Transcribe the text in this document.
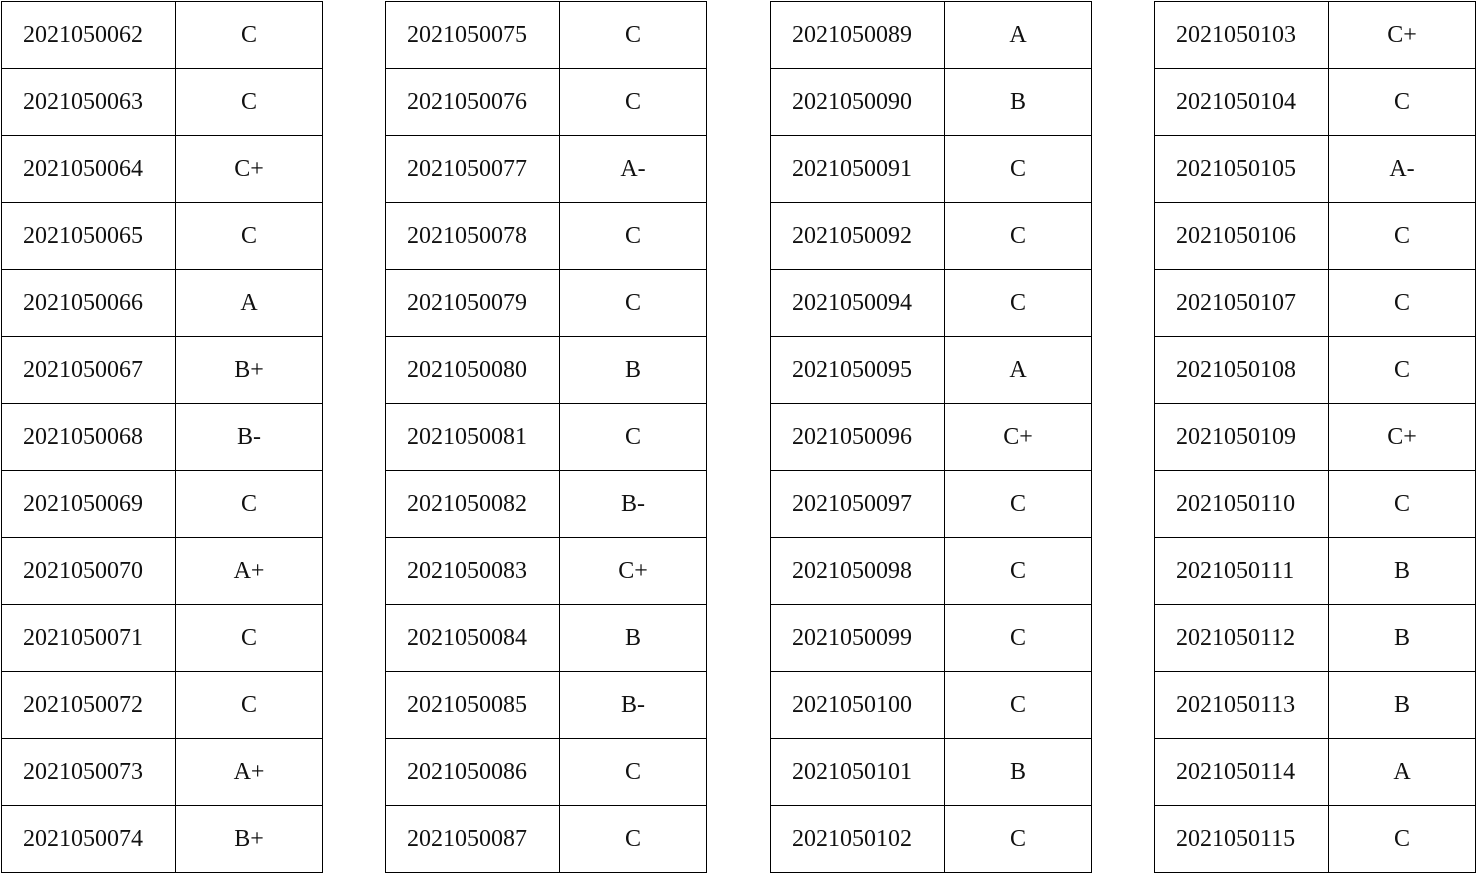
2021050062	C
2021050063	C
2021050064	C+
2021050065	C
2021050066	A
2021050067	B+
2021050068	B-
2021050069	C
2021050070	A+
2021050071	C
2021050072	C
2021050073	A+
2021050074	B+
2021050075	C
2021050076	C
2021050077	A-
2021050078	C
2021050079	C
2021050080	B
2021050081	C
2021050082	B-
2021050083	C+
2021050084	B
2021050085	B-
2021050086	C
2021050087	C
2021050089	A
2021050090	B
2021050091	C
2021050092	C
2021050094	C
2021050095	A
2021050096	C+
2021050097	C
2021050098	C
2021050099	C
2021050100	C
2021050101	B
2021050102	C
2021050103	C+
2021050104	C
2021050105	A-
2021050106	C
2021050107	C
2021050108	C
2021050109	C+
2021050110	C
2021050111	B
2021050112	B
2021050113	B
2021050114	A
2021050115	C
